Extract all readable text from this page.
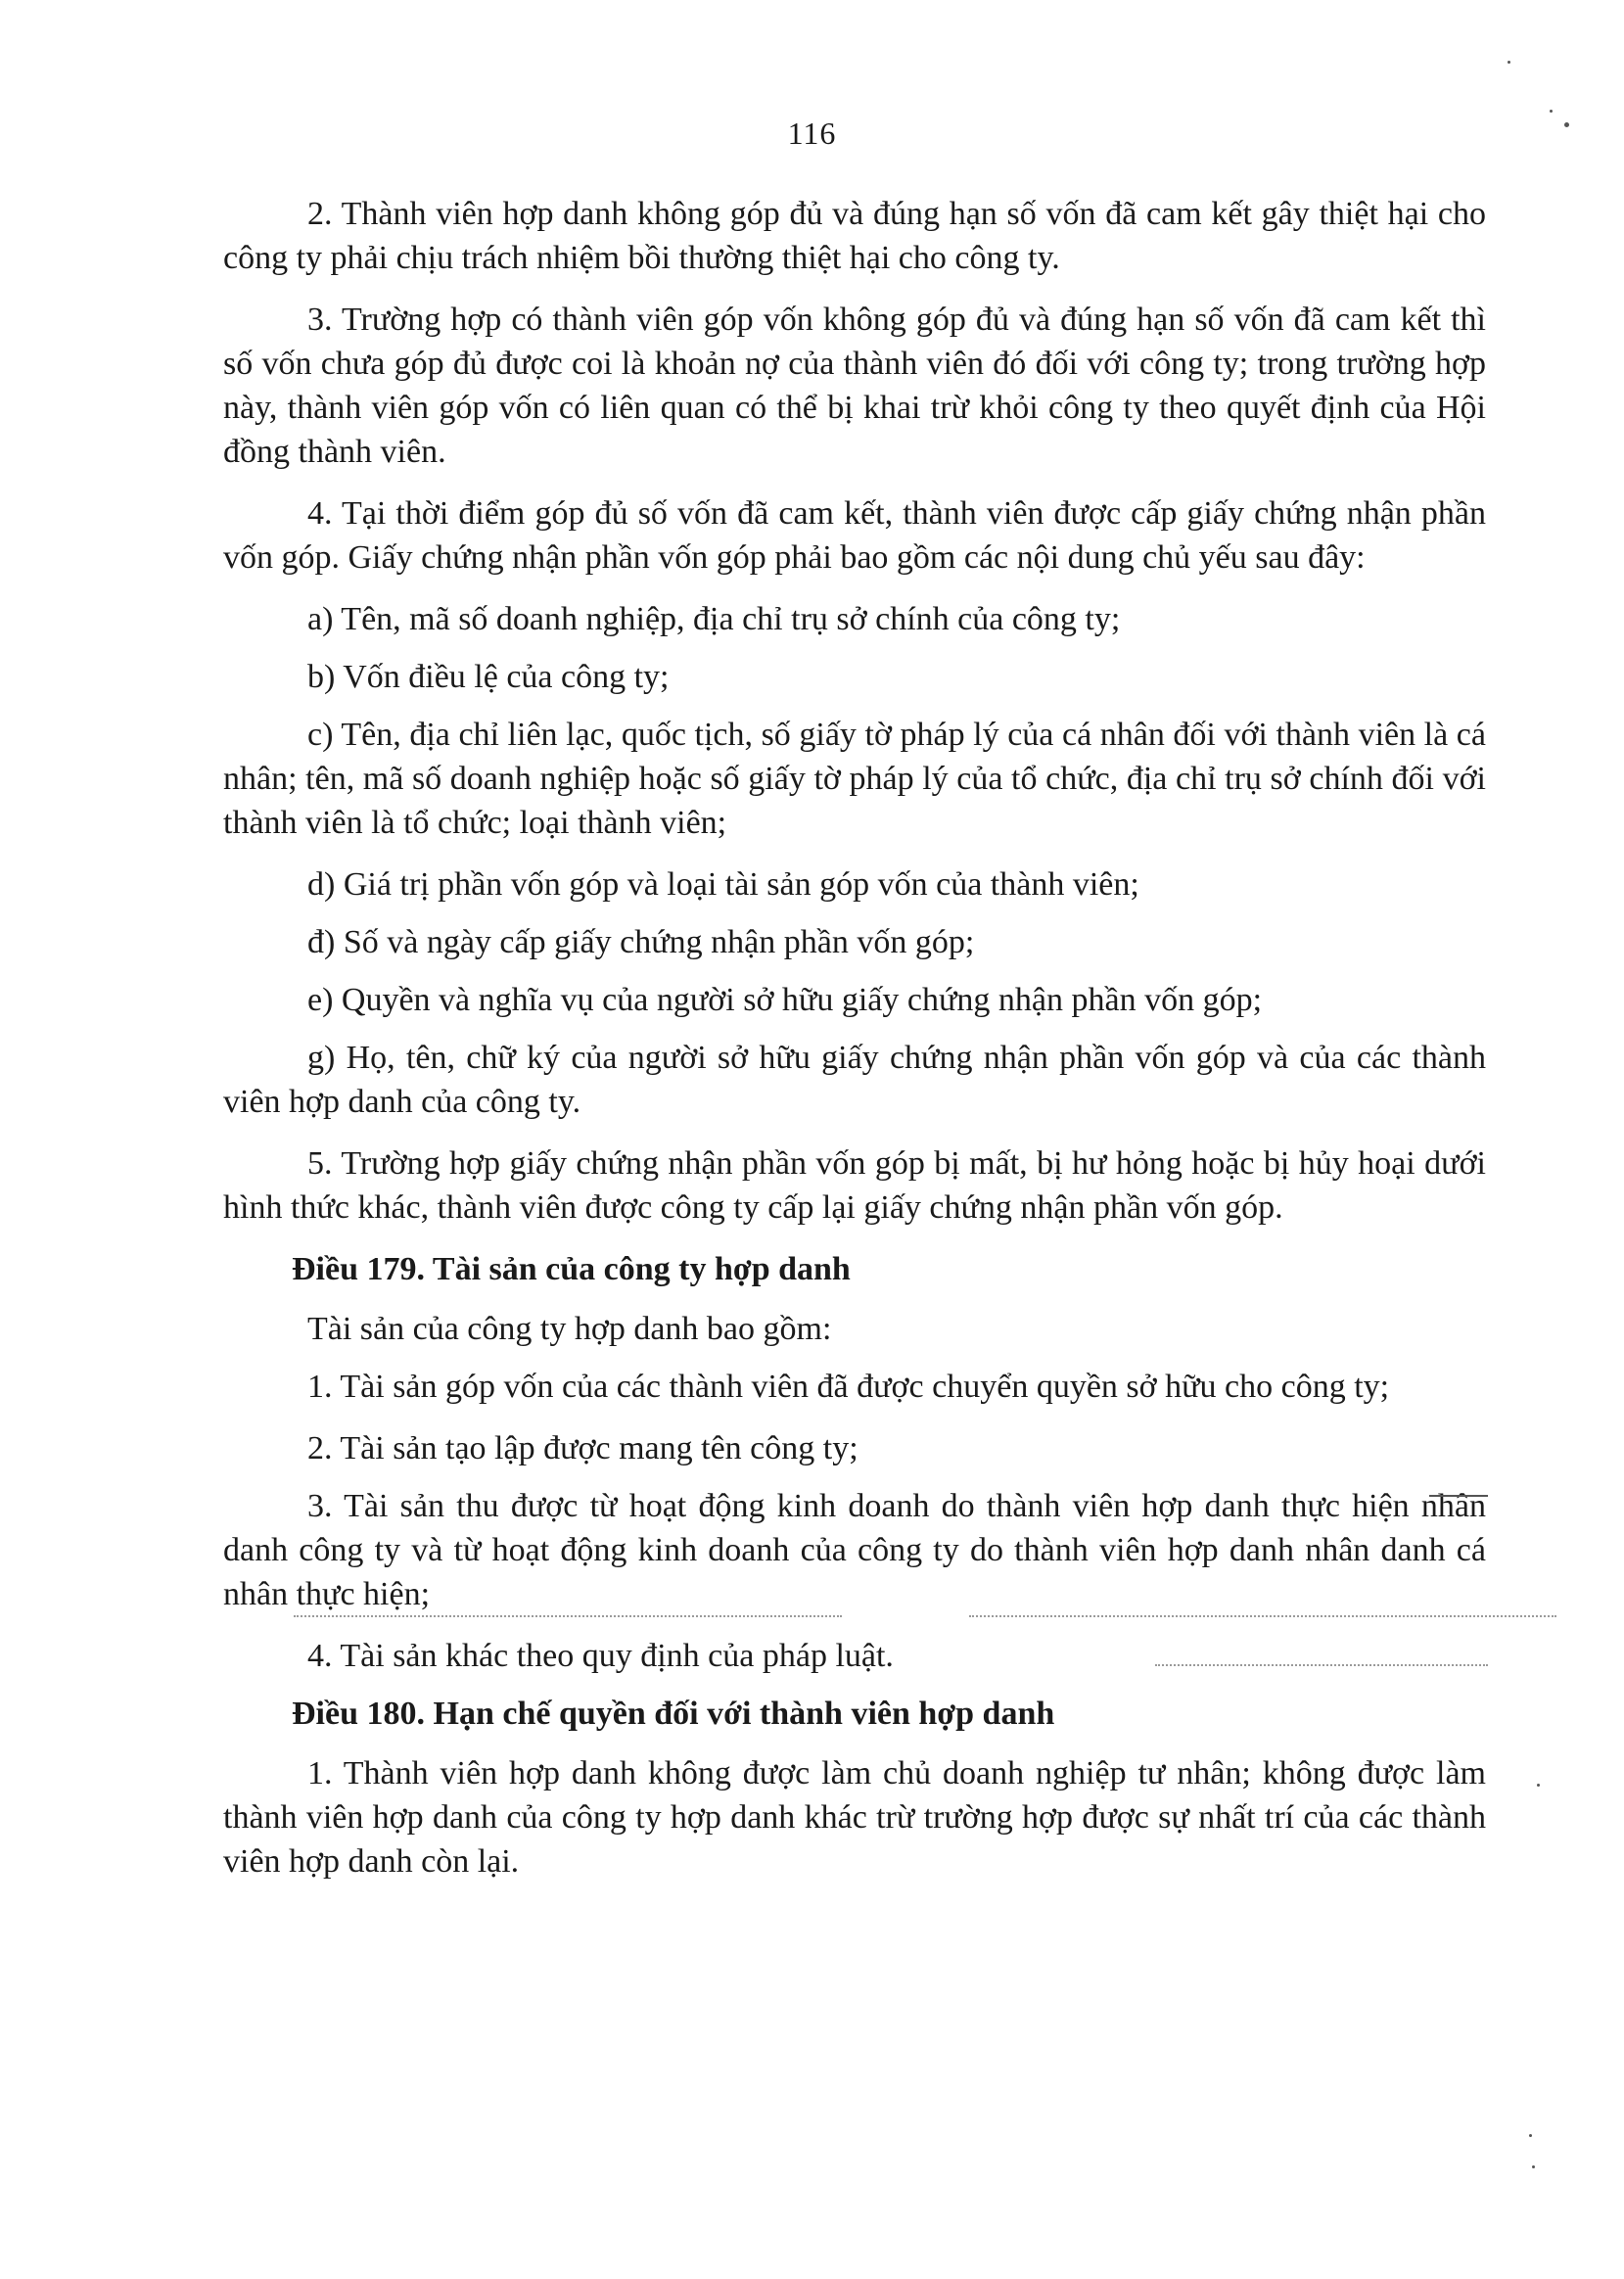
116

2. Thành viên hợp danh không góp đủ và đúng hạn số vốn đã cam kết gây thiệt hại cho công ty phải chịu trách nhiệm bồi thường thiệt hại cho công ty.

3. Trường hợp có thành viên góp vốn không góp đủ và đúng hạn số vốn đã cam kết thì số vốn chưa góp đủ được coi là khoản nợ của thành viên đó đối với công ty; trong trường hợp này, thành viên góp vốn có liên quan có thể bị khai trừ khỏi công ty theo quyết định của Hội đồng thành viên.

4. Tại thời điểm góp đủ số vốn đã cam kết, thành viên được cấp giấy chứng nhận phần vốn góp. Giấy chứng nhận phần vốn góp phải bao gồm các nội dung chủ yếu sau đây:

a) Tên, mã số doanh nghiệp, địa chỉ trụ sở chính của công ty;

b) Vốn điều lệ của công ty;

c) Tên, địa chỉ liên lạc, quốc tịch, số giấy tờ pháp lý của cá nhân đối với thành viên là cá nhân; tên, mã số doanh nghiệp hoặc số giấy tờ pháp lý của tổ chức, địa chỉ trụ sở chính đối với thành viên là tổ chức; loại thành viên;

d) Giá trị phần vốn góp và loại tài sản góp vốn của thành viên;

đ) Số và ngày cấp giấy chứng nhận phần vốn góp;

e) Quyền và nghĩa vụ của người sở hữu giấy chứng nhận phần vốn góp;

g) Họ, tên, chữ ký của người sở hữu giấy chứng nhận phần vốn góp và của các thành viên hợp danh của công ty.

5. Trường hợp giấy chứng nhận phần vốn góp bị mất, bị hư hỏng hoặc bị hủy hoại dưới hình thức khác, thành viên được công ty cấp lại giấy chứng nhận phần vốn góp.

Điều 179. Tài sản của công ty hợp danh

Tài sản của công ty hợp danh bao gồm:

1. Tài sản góp vốn của các thành viên đã được chuyển quyền sở hữu cho công ty;

2. Tài sản tạo lập được mang tên công ty;

3. Tài sản thu được từ hoạt động kinh doanh do thành viên hợp danh thực hiện nhân danh công ty và từ hoạt động kinh doanh của công ty do thành viên hợp danh nhân danh cá nhân thực hiện;

4. Tài sản khác theo quy định của pháp luật.

Điều 180. Hạn chế quyền đối với thành viên hợp danh

1. Thành viên hợp danh không được làm chủ doanh nghiệp tư nhân; không được làm thành viên hợp danh của công ty hợp danh khác trừ trường hợp được sự nhất trí của các thành viên hợp danh còn lại.
